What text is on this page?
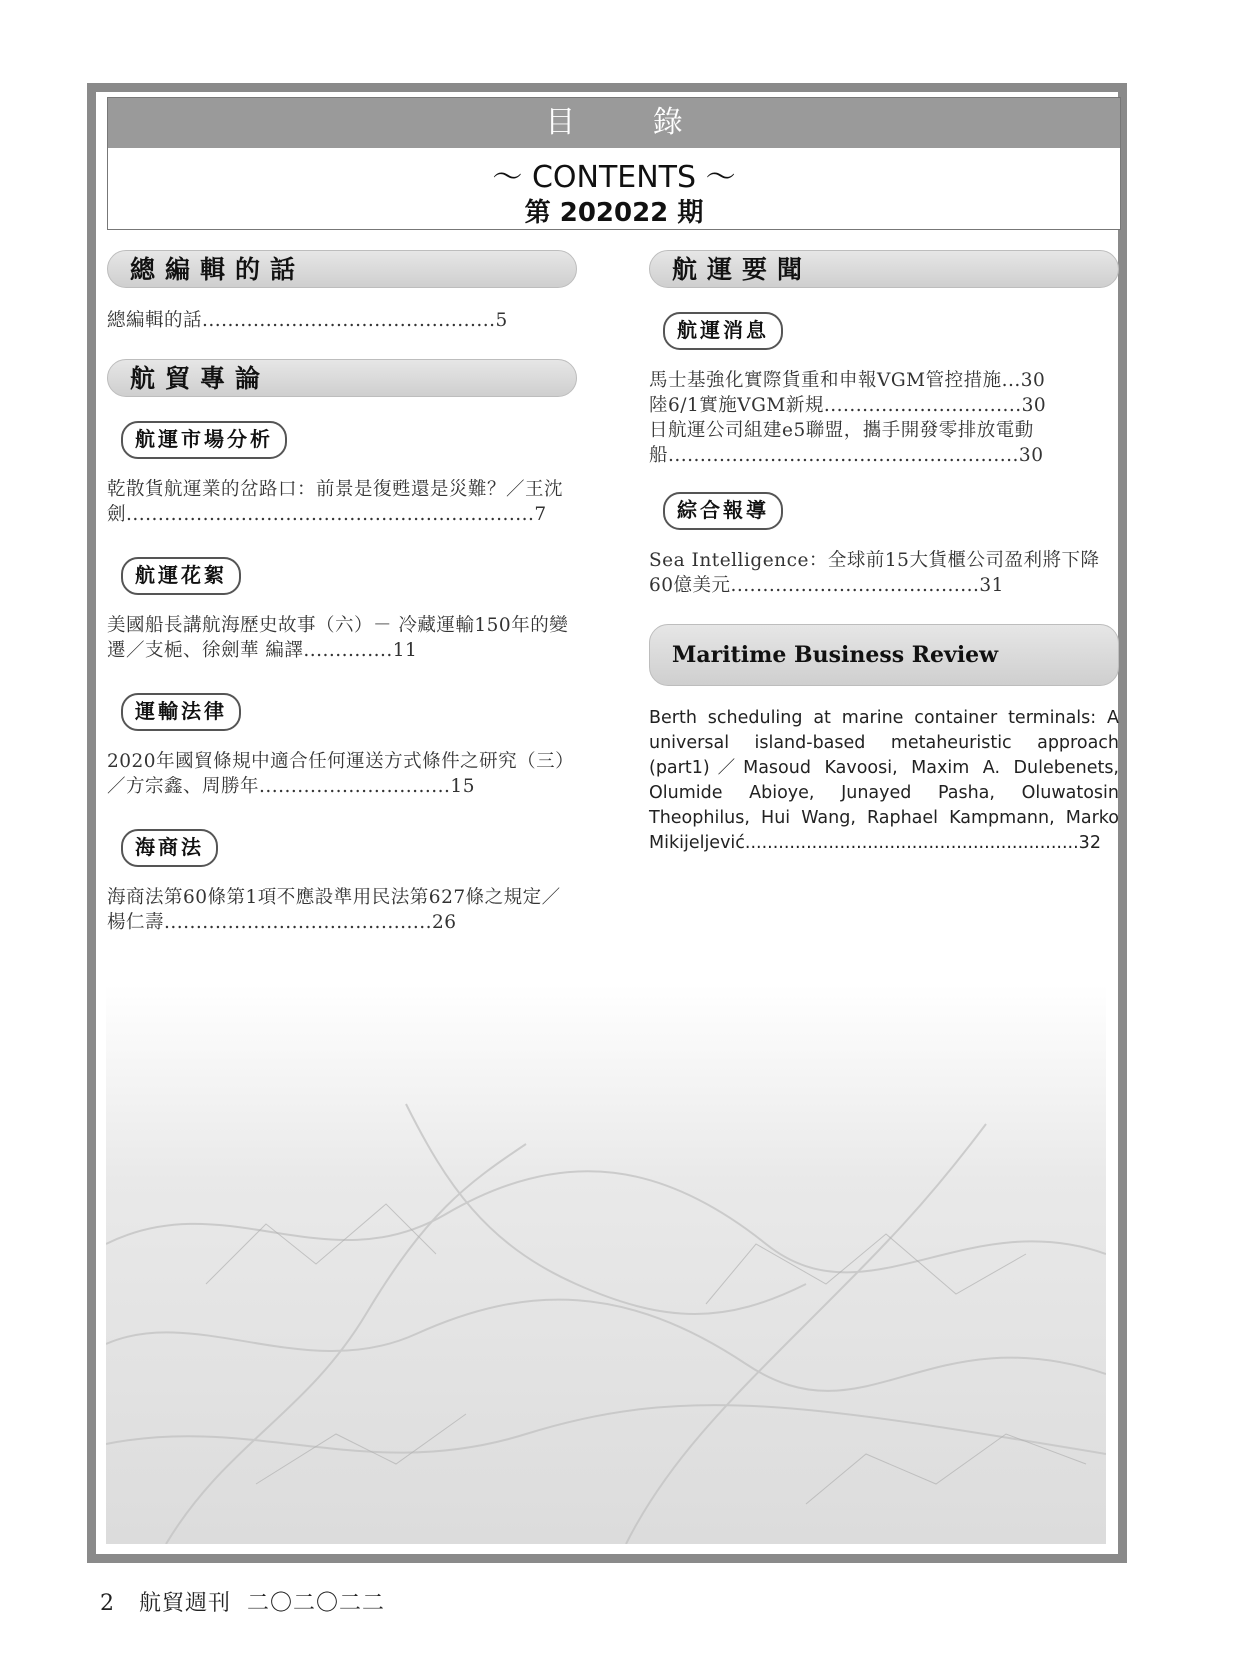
目 錄
～ CONTENTS ～
第 202022 期
總編輯的話
總編輯的話..............................................5
航貿專論
航運市場分析
乾散貨航運業的岔路口：前景是復甦還是災難？／王沈劍................................................................7
航運花絮
美國船長講航海歷史故事（六）－ 冷藏運輸150年的變遷／支梔、徐劍華 編譯..............11
運輸法律
2020年國貿條規中適合任何運送方式條件之研究（三）／方宗鑫、周勝年..............................15
海商法
海商法第60條第1項不應設準用民法第627條之規定／楊仁壽..........................................26
航運要聞
航運消息
馬士基強化實際貨重和申報VGM管控措施...30
陸6/1實施VGM新規...............................30
日航運公司組建e5聯盟，攜手開發零排放電動船.......................................................30
綜合報導
Sea Intelligence：全球前15大貨櫃公司盈利將下降60億美元.......................................31
Maritime Business Review
Berth scheduling at marine container terminals: A universal island-based metaheuristic approach (part1)／Masoud Kavoosi, Maxim A. Dulebenets, Olumide Abioye, Junayed Pasha, Oluwatosin Theophilus, Hui Wang, Raphael Kampmann, Marko Mikijeljević............................................................32
2 航貿週刊 二〇二〇二二
